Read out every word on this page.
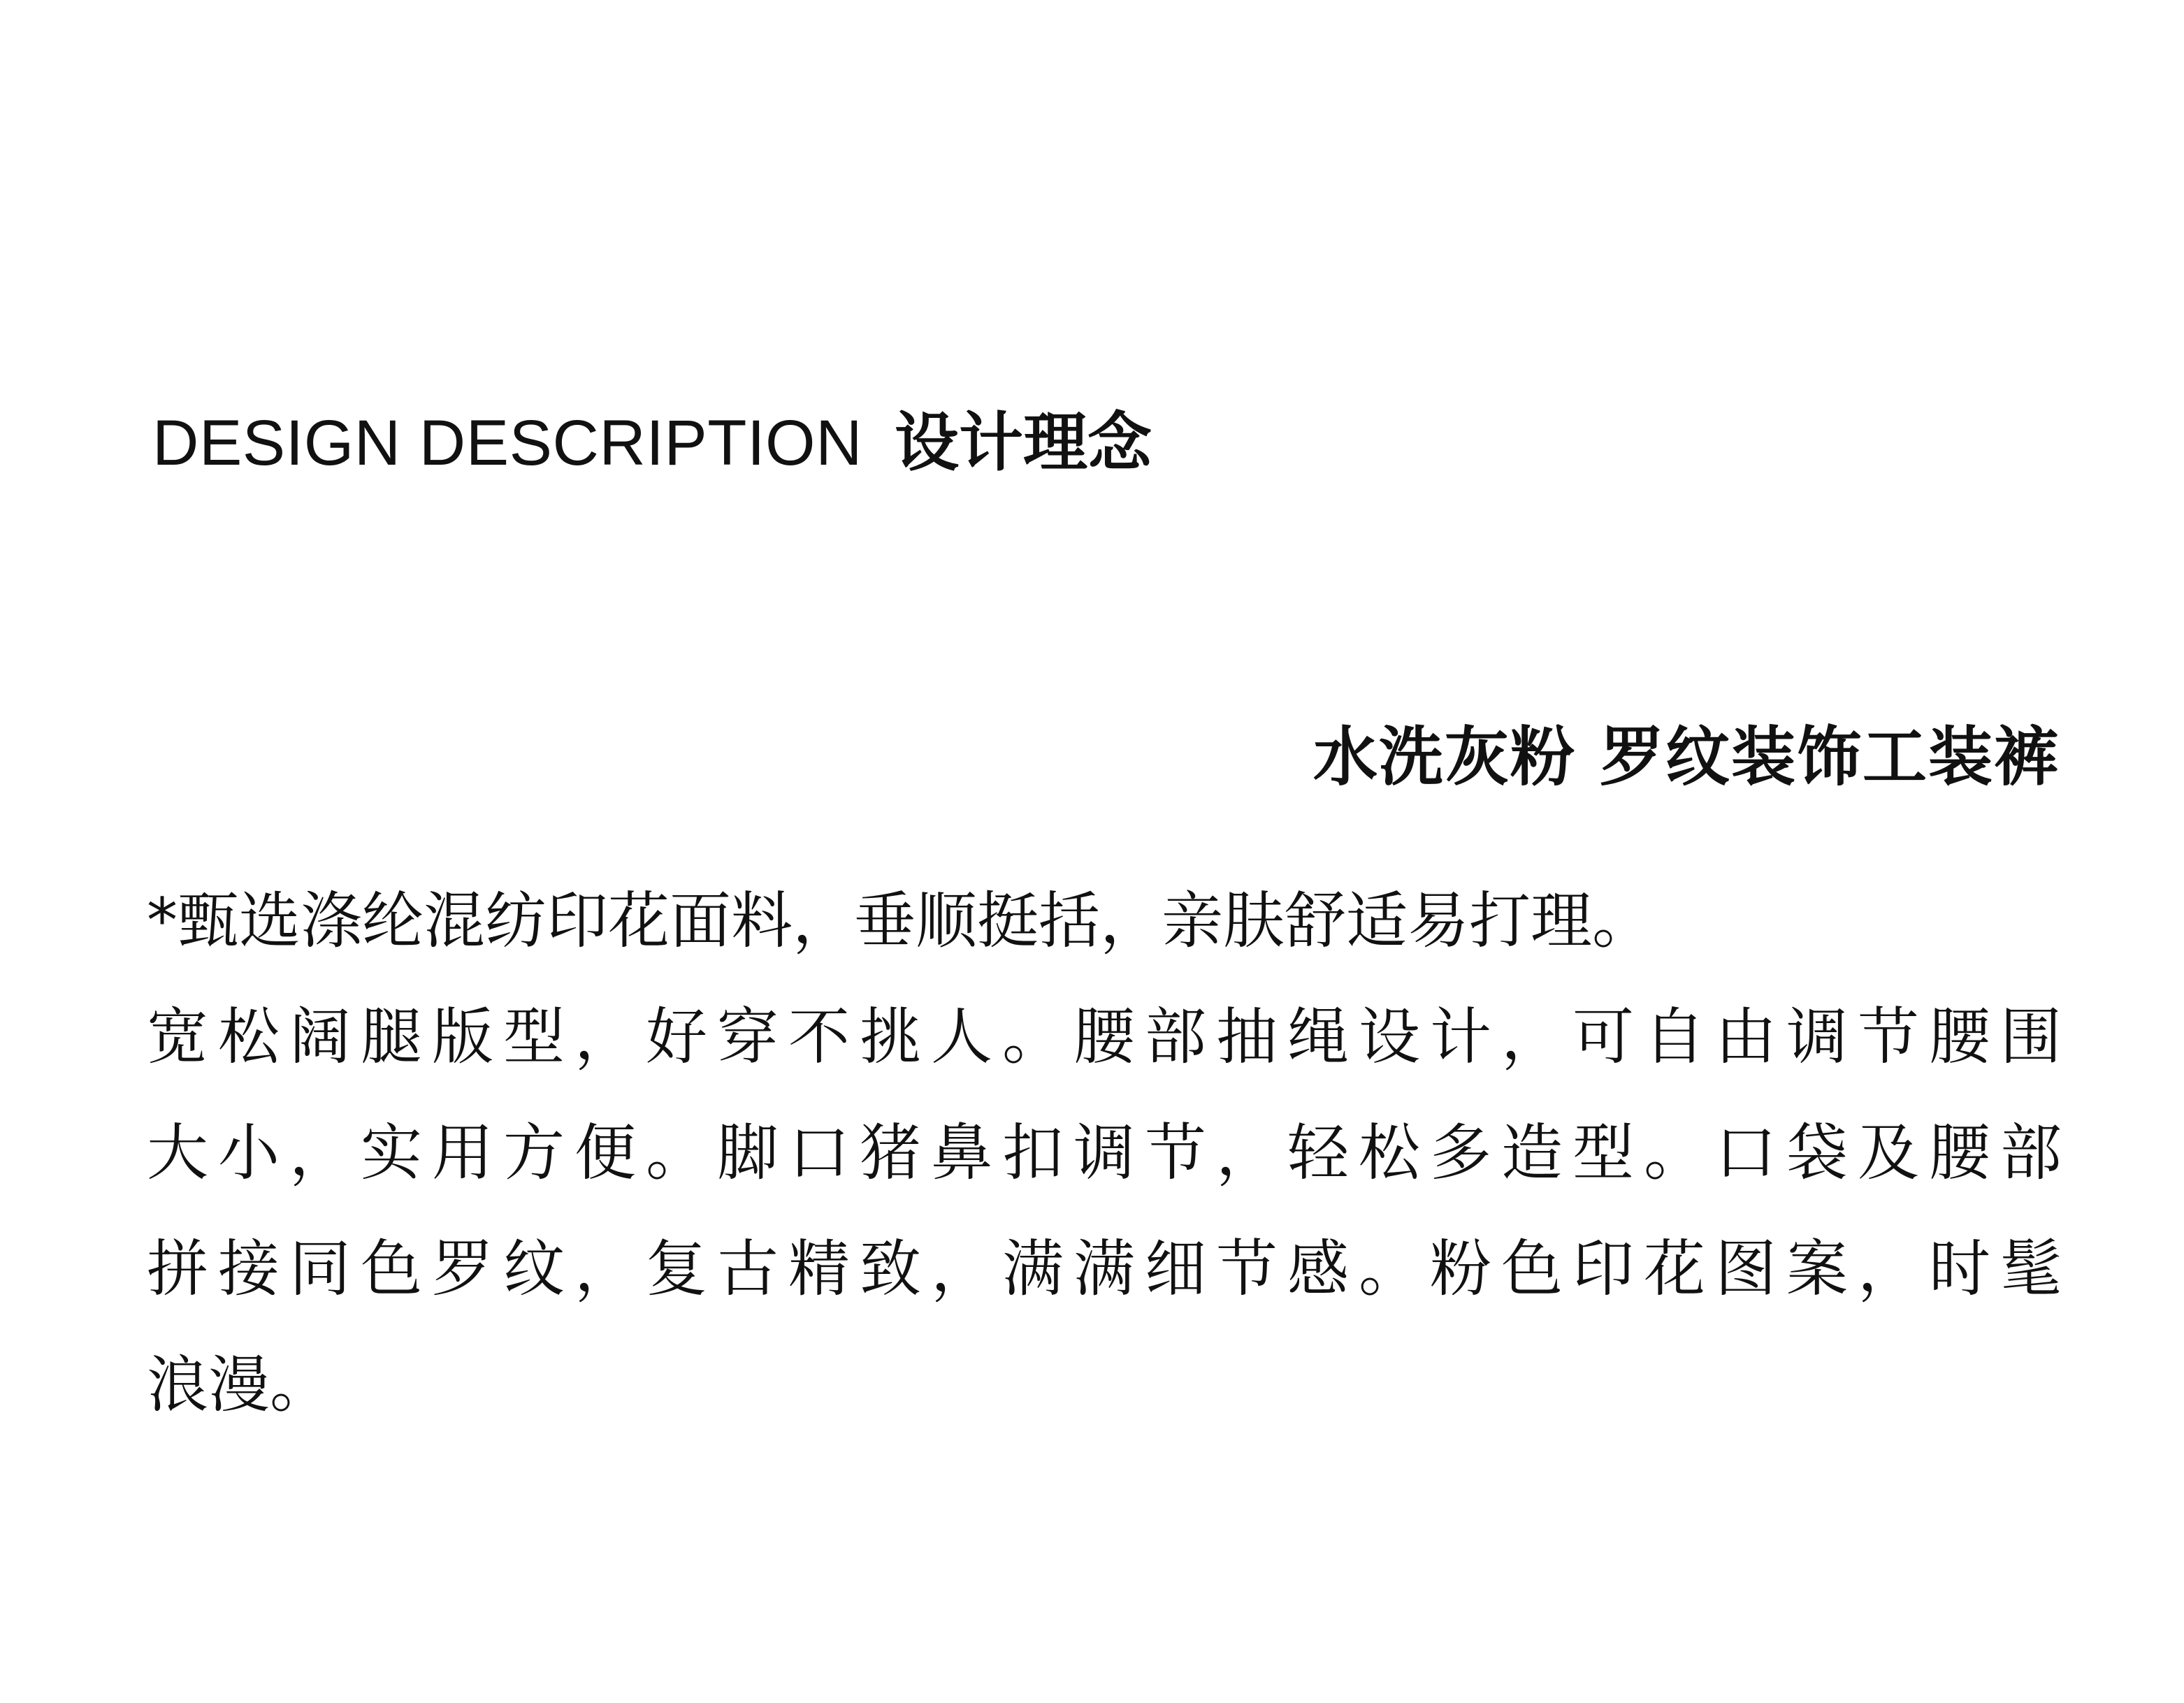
DESIGN DESCRIPTION 设计理念
水洗灰粉 罗纹装饰工装裤
*甄选涤纶混纺印花面料，垂顺挺括，亲肤舒适易打理。
宽松阔腿版型，好穿不挑人。腰部抽绳设计，可自由调节腰围
大小，实用方便。脚口猪鼻扣调节，轻松多造型。口袋及腰部
拼接同色罗纹，复古精致，满满细节感。粉色印花图案，时髦
浪漫。
